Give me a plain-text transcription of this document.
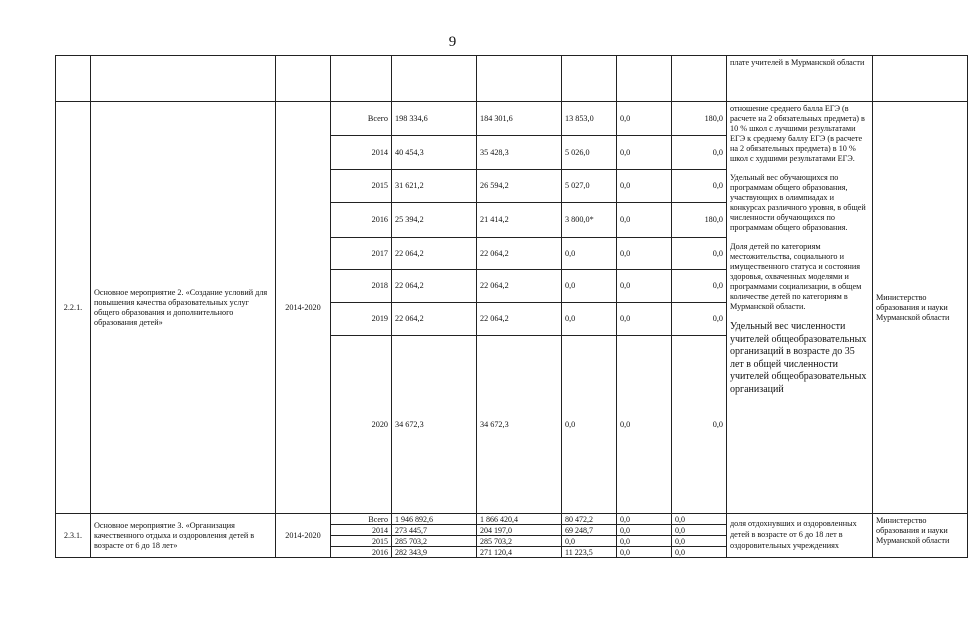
9
									плате учителей в Мурманской области	
2.2.1.	Основное мероприятие 2. «Создание условий для повышения качества образовательных услуг общего образования и дополнительного образования детей»	2014-2020	Всего	198 334,6	184 301,6	13 853,0	0,0	180,0	отношение среднего балла ЕГЭ (в расчете на 2 обязательных предмета) в 10 % школ с лучшими результатами ЕГЭ к среднему баллу ЕГЭ (в расчете на 2 обязательных предмета) в 10 % школ с худшими результатами ЕГЭ.
Удельный вес обучающихся по программам общего образования, участвующих в олимпиадах и конкурсах различного уровня, в общей численности обучающихся по программам общего образования.
Доля детей по категориям местожительства, социального и имущественного статуса и состояния здоровья, охваченных моделями и программами социализации, в общем количестве детей по категориям в Мурманской области.
Удельный вес численности учителей общеобразовательных организаций в возрасте до 35 лет в общей численности учителей общеобразовательных организаций	Министерство образования и науки Мурманской области
			2014	40 454,3	35 428,3	5 026,0	0,0	0,0		
			2015	31 621,2	26 594,2	5 027,0	0,0	0,0		
			2016	25 394,2	21 414,2	3 800,0*	0,0	180,0		
			2017	22 064,2	22 064,2	0,0	0,0	0,0		
			2018	22 064,2	22 064,2	0,0	0,0	0,0		
			2019	22 064,2	22 064,2	0,0	0,0	0,0		
			2020	34 672,3	34 672,3	0,0	0,0	0,0		
2.3.1.	Основное мероприятие 3. «Организация качественного отдыха и оздоровления детей в возрасте от 6 до 18 лет»	2014-2020	Всего	1 946 892,6	1 866 420,4	80 472,2	0,0	0,0	доля отдохнувших и оздоровленных детей в возрасте от 6 до 18 лет в оздоровительных учреждениях	Министерство образования и науки Мурманской области
			2014	273 445,7	204 197,0	69 248,7	0,0	0,0		
			2015	285 703,2	285 703,2	0,0	0,0	0,0		
			2016	282 343,9	271 120,4	11 223,5	0,0	0,0		
